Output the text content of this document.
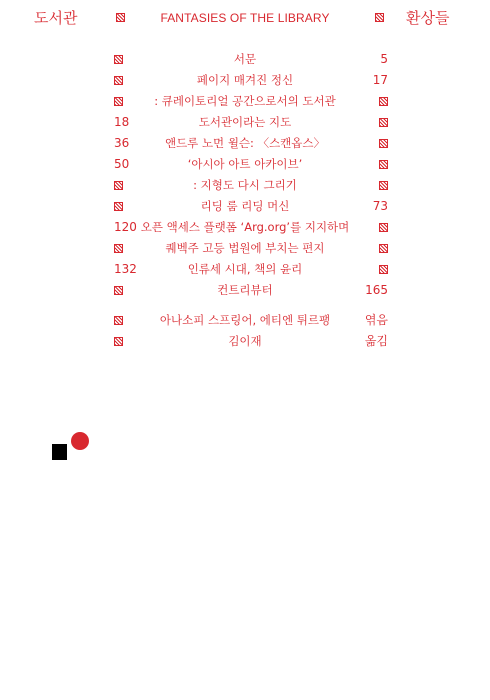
도서관	FANTASIES OF THE LIBRARY	환상들
서문	5
페이지 매겨진 정신	17
: 큐레이토리얼 공간으로서의 도서관
18	도서관이라는 지도
36	앤드루 노먼 윌슨: 〈스캔옵스〉
50	‘아시아 아트 아카이브’
: 지형도 다시 그리기
리딩 룸 리딩 머신	73
120 오픈 액세스 플랫폼 ‘Arg.org’를 지지하며
퀘벡주 고등 법원에 부치는 편지
132	인류세 시대, 책의 윤리
컨트리뷰터	165
아나소피 스프링어, 에티엔 튀르팽	엮음
김이재	옮김
